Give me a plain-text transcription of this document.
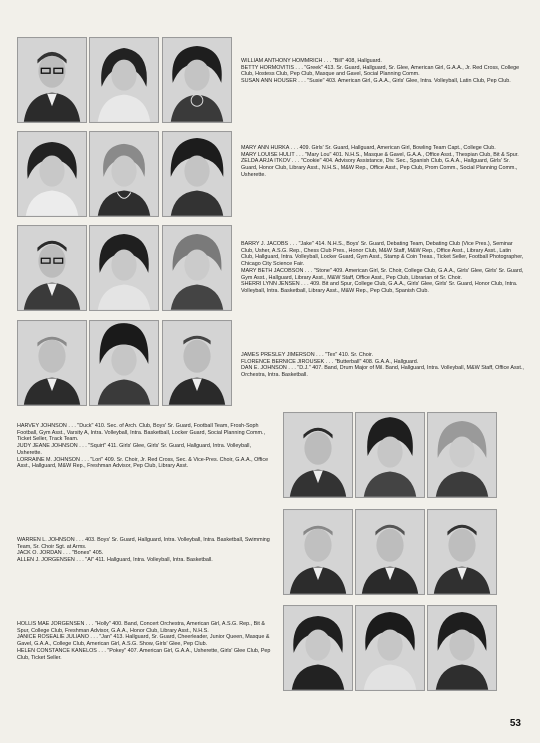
WILLIAM ANTHONY HOMMRICH . . . "Bill" 408, Hallguard.

BETTY HORMOVITIS . . . "Greek" 413. Sr. Guard, Hallguard, Sr. Glee, American Girl, G.A.A., Jr. Red Cross, College Club, Hostess Club, Pep Club, Masque and Gavel, Social Planning Comm.

SUSAN ANN HOUSER . . . "Susie" 403. American Girl, G.A.A., Girls' Glee, Intra. Volleyball, Latin Club, Pep Club.

MARY ANN HURKA . . . 409. Girls' Sr. Guard, Hallguard, American Girl, Bowling Team Capt., College Club.

MARY LOUISE HULIT . . . "Mary Lou" 401. N.H.S., Masque & Gavel, G.A.A., Office Asst., Thespian Club, Bit & Spur.

ZELDA ARJA ITKOV . . . "Cookie" 404. Advisory Assistance, Div. Sec., Spanish Club, G.A.A., Hallguard, Girls' Sr. Guard, Honor Club, Library Asst., N.H.S., M&W Rep., Office Asst., Pep Club, Prom Comm., Social Planning Comm., Usherette.

BARRY J. JACOBS . . . "Jake" 414. N.H.S., Boys' Sr. Guard, Debating Team, Debating Club (Vice Pres.), Seminar Club, Usher, A.S.G. Rep., Chess Club Pres., Honor Club, M&W Staff, M&W Rep., Office Asst., Library Asst., Latin Club, Hallguard, Intra. Volleyball, Locker Guard, Gym Asst., Stamp & Coin Treas., Ticket Seller, Football Photographer, Chicago City Science Fair.

MARY BETH JACOBSON . . . "Stone" 409. American Girl, Sr. Choir, College Club, G.A.A., Girls' Glee, Girls' Sr. Guard, Gym Asst., Hallguard, Library Asst., M&W Staff, Office Asst., Pep Club, Librarian of Sr. Choir.

SHERRI LYNN JENSEN . . . 409. Bit and Spur, College Club, G.A.A., Girls' Glee, Girls' Sr. Guard, Honor Club, Intra. Volleyball, Intra. Basketball, Library Asst., M&W Rep., Pep Club, Spanish Club.

JAMES PRESLEY JIMERSON . . . "Tex" 410. Sr. Choir.

FLORENCE BERNICE JIROUSEK . . . "Butterball" 408. G.A.A., Hallguard.

DAN E. JOHNSON . . . "D.J." 407. Band, Drum Major of Mil. Band, Hallguard, Intra. Volleyball, M&W Staff, Office Asst., Orchestra, Intra. Basketball.

HARVEY JOHNSON . . . "Duck" 410. Sec. of Arch. Club, Boys' Sr. Guard, Football Team, Frosh-Soph Football, Gym Asst., Varsity A, Intra. Volleyball, Intra. Basketball, Locker Guard, Social Planning Comm., Ticket Seller, Track Team.

JUDY JEANE JOHNSON . . . "Squirt" 411. Girls' Glee, Girls' Sr. Guard, Hallguard, Intra. Volleyball, Usherette.

LORRAINE M. JOHNSON . . . "Lori" 409. Sr. Choir, Jr. Red Cross, Sec. & Vice-Pres. Choir, G.A.A., Office Asst., Hallguard, M&W Rep., Freshman Advisor, Pep Club, Library Asst.

WARREN L. JOHNSON . . . 403. Boys' Sr. Guard, Hallguard, Intra. Volleyball, Intra. Basketball, Swimming Team, Sr. Choir Sgt. at Arms.

JACK O. JORDAN . . . "Bones" 405.

ALLEN J. JORGENSEN . . . "Al" 411. Hallguard, Intra. Volleyball, Intra. Basketball.

HOLLIS MAE JORGENSEN . . . "Holly" 400. Band, Concert Orchestra, American Girl, A.S.G. Rep., Bit & Spur, College Club, Freshman Advisor, G.A.A., Honor Club, Library Asst., N.H.S.

JANICE ROSEALIE JULIANO . . . "Jan" 413. Hallguard, Sr. Guard, Cheerleader, Junior Queen, Masque & Gavel, G.A.A., College Club, American Girl, A.S.G. Show, Girls' Glee, Pep Club.

HELEN CONSTANCE KANELOS . . . "Pokey" 407. American Girl, G.A.A., Usherette, Girls' Glee Club, Pep Club, Ticket Seller.

53
